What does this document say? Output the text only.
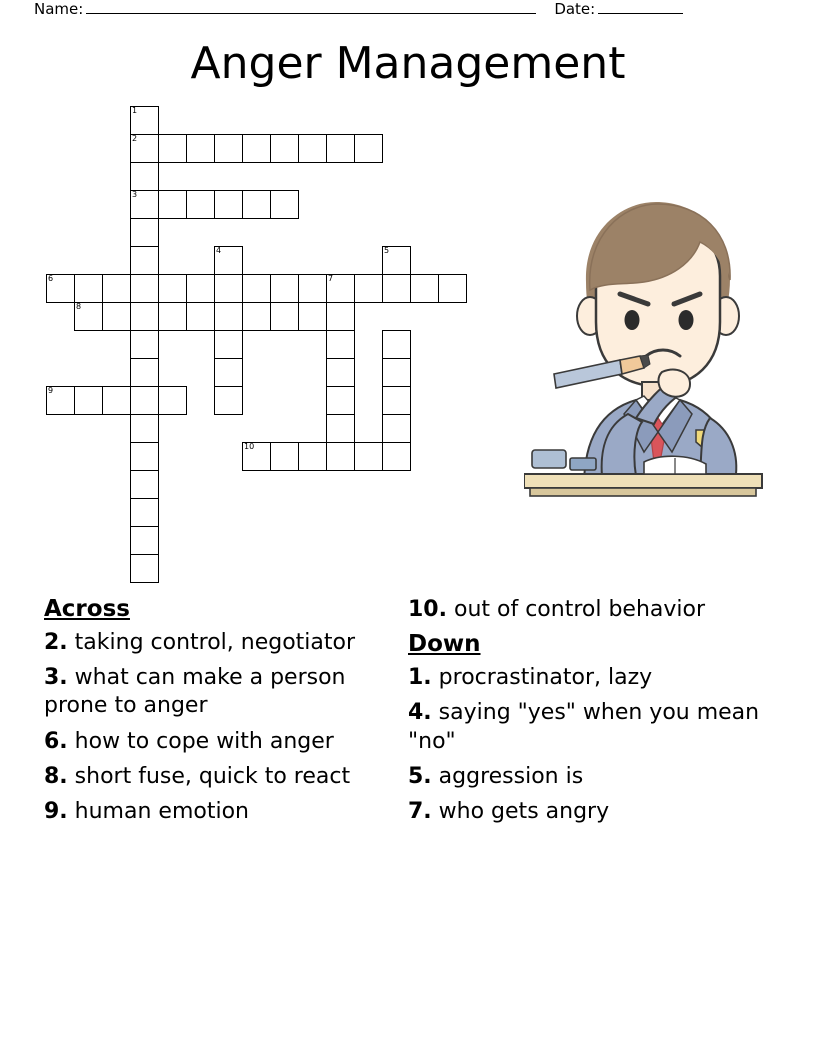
Name:	Date:
Anger Management
1
2
3
4	5
6	7
8
9
10
Across

2. taking control, negotiator

3. what can make a person prone to anger

6. how to cope with anger

8. short fuse, quick to react

9. human emotion

10. out of control behavior

Down

1. procrastinator, lazy

4. saying "yes" when you mean "no"

5. aggression is

7. who gets angry
